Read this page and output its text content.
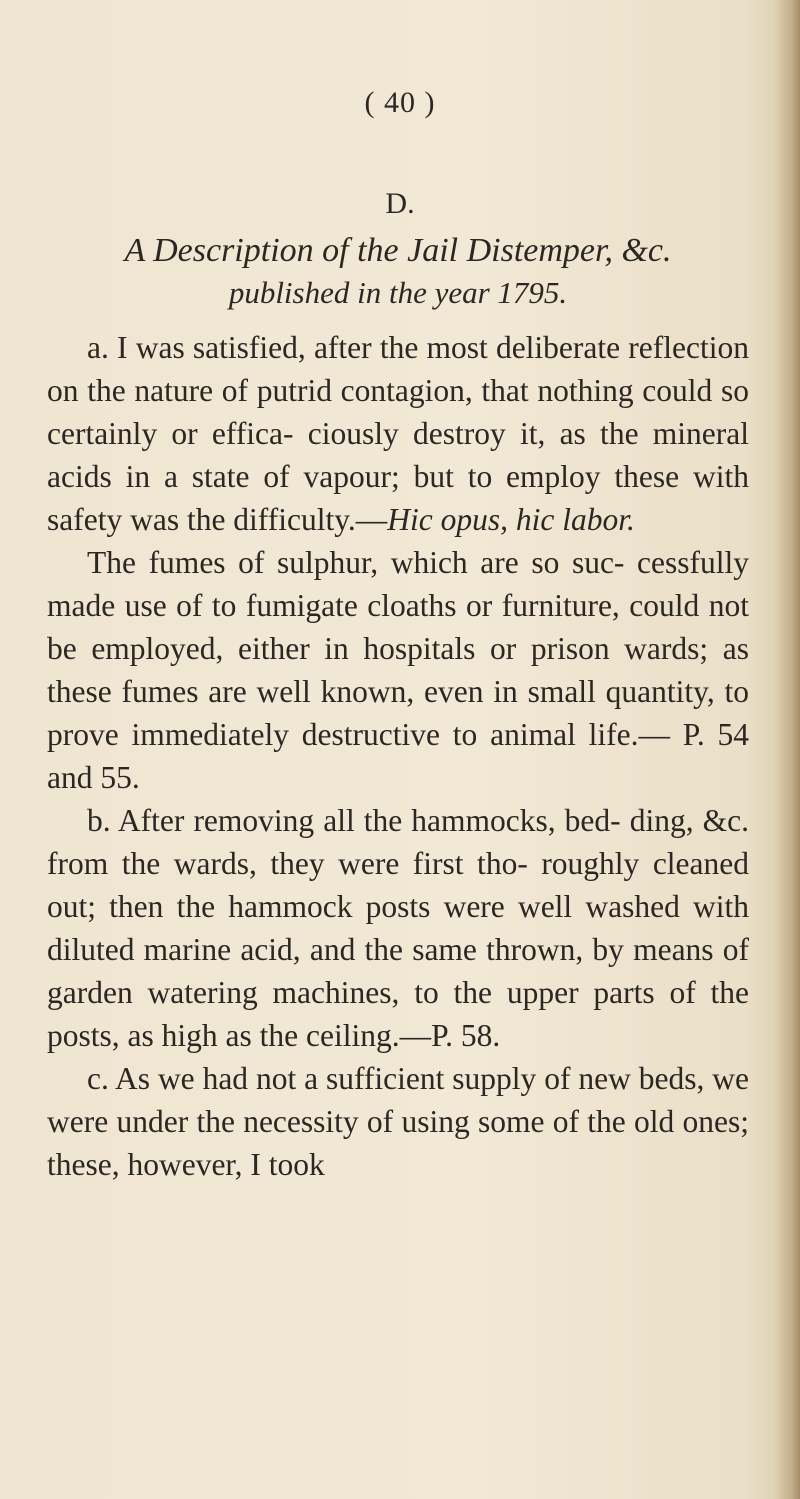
( 40 )
D.
A Description of the Jail Distemper, &c.
published in the year 1795.

a. I was satisfied, after the most deliberate reflection on the nature of putrid contagion, that nothing could so certainly or effica- ciously destroy it, as the mineral acids in a state of vapour; but to employ these with safety was the difficulty.—Hic opus, hic labor.

The fumes of sulphur, which are so suc- cessfully made use of to fumigate cloaths or furniture, could not be employed, either in hospitals or prison wards; as these fumes are well known, even in small quantity, to prove immediately destructive to animal life.— P. 54 and 55.

b. After removing all the hammocks, bed- ding, &c. from the wards, they were first tho- roughly cleaned out; then the hammock posts were well washed with diluted marine acid, and the same thrown, by means of garden watering machines, to the upper parts of the posts, as high as the ceiling.—P. 58.

c. As we had not a sufficient supply of new beds, we were under the necessity of using some of the old ones; these, however, I took
